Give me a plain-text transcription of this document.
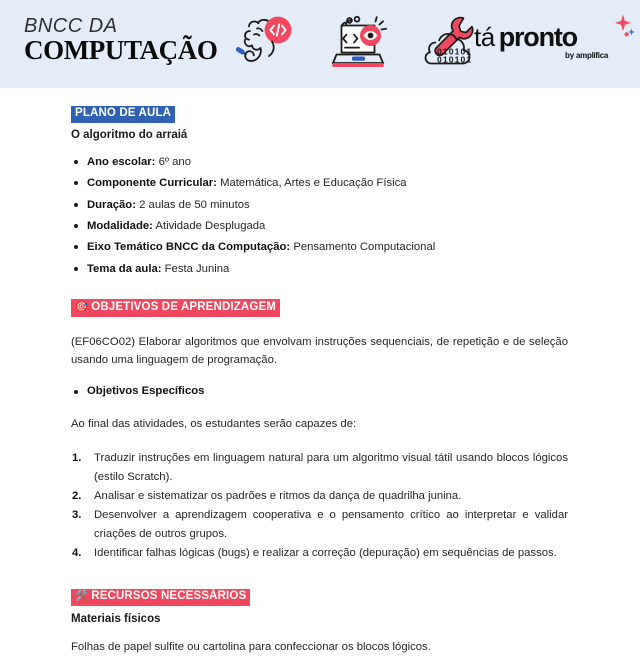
BNCC DA
COMPUTAÇÃO	010101
010101
tá pronto
by amplifica
PLANO DE AULA
O algoritmo do arraiá
Ano escolar: 6º ano
Componente Curricular: Matemática, Artes e Educação Física
Duração: 2 aulas de 50 minutos
Modalidade: Atividade Desplugada
Eixo Temático BNCC da Computação: Pensamento Computacional
Tema da aula: Festa Junina
🎯 OBJETIVOS DE APRENDIZAGEM

(EF06CO02) Elaborar algoritmos que envolvam instruções sequenciais, de repetição e de seleção usando uma linguagem de programação.

Objetivos Específicos

Ao final das atividades, os estudantes serão capazes de:

Traduzir instruções em linguagem natural para um algoritmo visual tátil usando blocos lógicos (estilo Scratch).
Analisar e sistematizar os padrões e ritmos da dança de quadrilha junina.
Desenvolver a aprendizagem cooperativa e o pensamento crítico ao interpretar e validar criações de outros grupos.
Identificar falhas lógicas (bugs) e realizar a correção (depuração) em sequências de passos.
🛠️ RECURSOS NECESSÁRIOS
Materiais físicos
Folhas de papel sulfite ou cartolina para confeccionar os blocos lógicos.
